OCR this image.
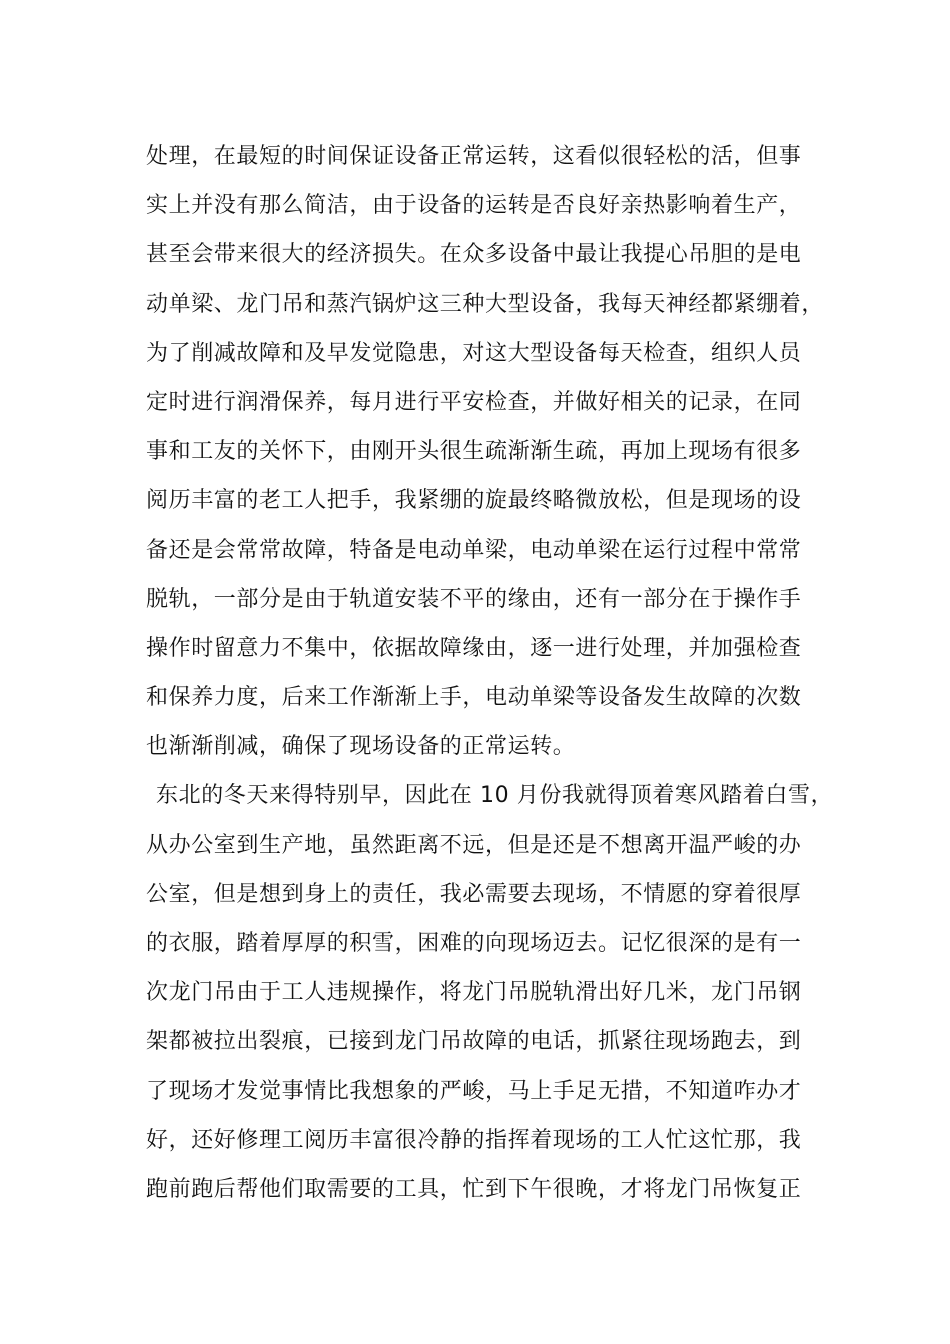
处理，在最短的时间保证设备正常运转，这看似很轻松的活，但事
实上并没有那么简洁，由于设备的运转是否良好亲热影响着生产，
甚至会带来很大的经济损失。在众多设备中最让我提心吊胆的是电
动单梁、龙门吊和蒸汽锅炉这三种大型设备，我每天神经都紧绷着，
为了削减故障和及早发觉隐患，对这大型设备每天检查，组织人员
定时进行润滑保养，每月进行平安检查，并做好相关的记录，在同
事和工友的关怀下，由刚开头很生疏渐渐生疏，再加上现场有很多
阅历丰富的老工人把手，我紧绷的旋最终略微放松，但是现场的设
备还是会常常故障，特备是电动单梁，电动单梁在运行过程中常常
脱轨，一部分是由于轨道安装不平的缘由，还有一部分在于操作手
操作时留意力不集中，依据故障缘由，逐一进行处理，并加强检查
和保养力度，后来工作渐渐上手，电动单梁等设备发生故障的次数
也渐渐削减，确保了现场设备的正常运转。
东北的冬天来得特别早，因此在 10 月份我就得顶着寒风踏着白雪，
从办公室到生产地，虽然距离不远，但是还是不想离开温严峻的办
公室，但是想到身上的责任，我必需要去现场，不情愿的穿着很厚
的衣服，踏着厚厚的积雪，困难的向现场迈去。记忆很深的是有一
次龙门吊由于工人违规操作，将龙门吊脱轨滑出好几米，龙门吊钢
架都被拉出裂痕，已接到龙门吊故障的电话，抓紧往现场跑去，到
了现场才发觉事情比我想象的严峻，马上手足无措，不知道咋办才
好，还好修理工阅历丰富很冷静的指挥着现场的工人忙这忙那，我
跑前跑后帮他们取需要的工具，忙到下午很晚，才将龙门吊恢复正
